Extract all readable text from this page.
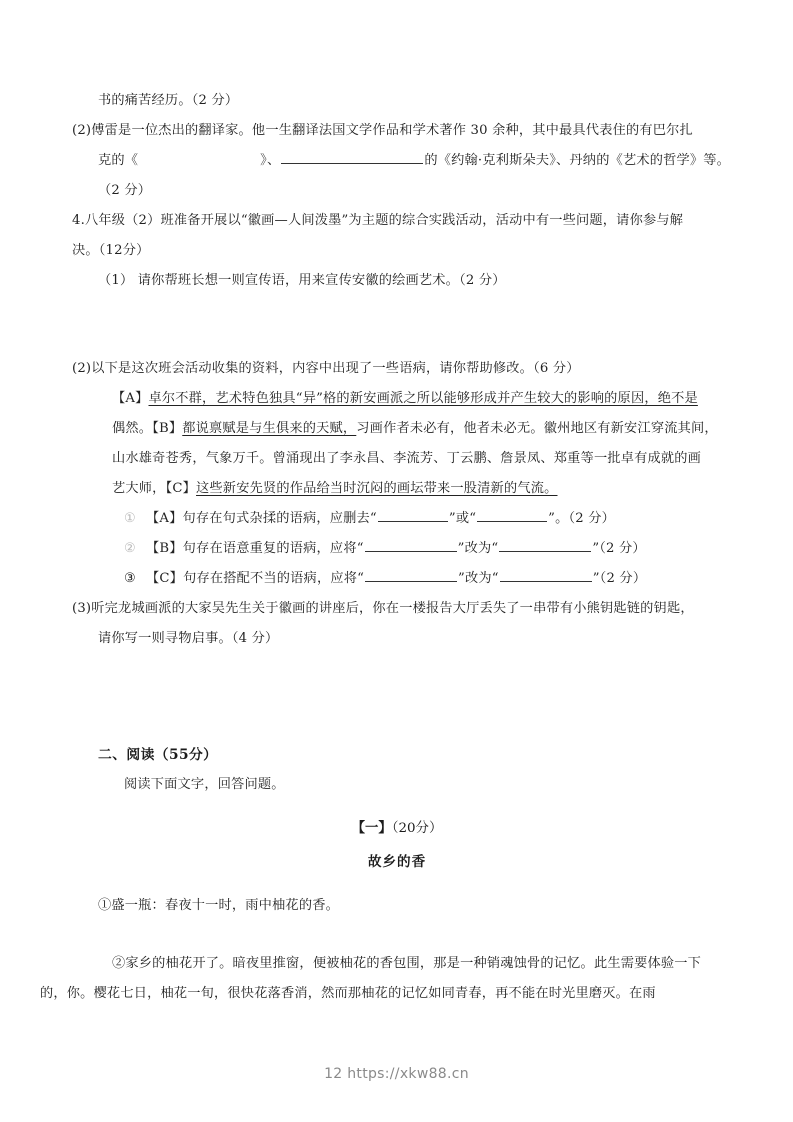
书的痛苦经历。（2 分）
(2)傅雷是一位杰出的翻译家。他一生翻译法国文学作品和学术著作 30 余种，其中最具代表住的有巴尔扎
克的《	》、	的《约翰·克利斯朵夫》、丹纳的《艺术的哲学》等。
（2 分）
4.八年级（2）班准备开展以“徽画—人间泼墨”为主题的综合实践活动，活动中有一些问题，请你参与解
决。（12分）
（1） 请你帮班长想一则宣传语，用来宣传安徽的绘画艺术。（2 分）
(2)以下是这次班会活动收集的资料，内容中出现了一些语病，请你帮助修改。（6 分）
【A】卓尔不群，艺术特色独具“异”格的新安画派之所以能够形成并产生较大的影响的原因，绝不是
偶然。【B】都说禀赋是与生俱来的天赋，习画作者未必有，他者未必无。徽州地区有新安江穿流其间，
山水雄奇苍秀，气象万千。曾涌现出了李永昌、李流芳、丁云鹏、詹景凤、郑重等一批卓有成就的画
艺大师，【C】这些新安先贤的作品给当时沉闷的画坛带来一股清新的气流。
① 【A】句存在句式杂揉的语病，应删去“	”或“	”。（2 分）
② 【B】句存在语意重复的语病，应将“	”改为“	”（2 分）
③ 【C】句存在搭配不当的语病，应将“	”改为“	”（2 分）
(3)听完龙城画派的大家吴先生关于徽画的讲座后，你在一楼报告大厅丢失了一串带有小熊钥匙链的钥匙，
请你写一则寻物启事。（4 分）
二、阅读（55分）
阅读下面文字，回答问题。
【一】（20分）
故乡的香
①盛一瓶：春夜十一时，雨中柚花的香。
②家乡的柚花开了。暗夜里推窗，便被柚花的香包围，那是一种销魂蚀骨的记忆。此生需要体验一下
的，你。樱花七日，柚花一旬，很快花落香消，然而那柚花的记忆如同青春，再不能在时光里磨灭。在雨
12 https://xkw88.cn
